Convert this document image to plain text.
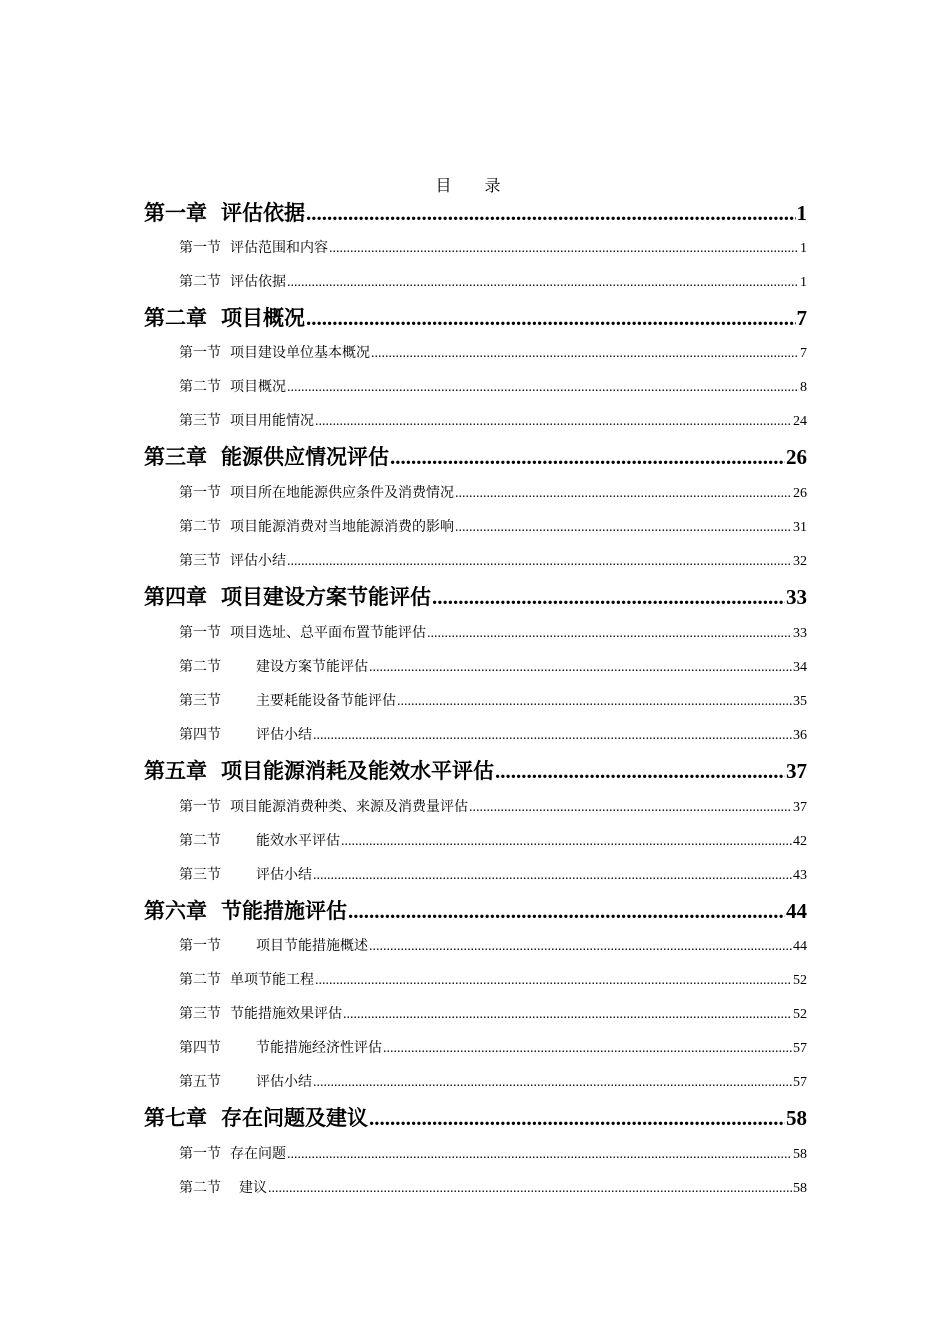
目 录
第一章 评估依据 .....	1
第一节 评估范围和内容 .....	1
第二节 评估依据 .....	1
第二章 项目概况 .....	7
第一节 项目建设单位基本概况 .....	7
第二节 项目概况 .....	8
第三节 项目用能情况 .....	24
第三章 能源供应情况评估 .....	26
第一节 项目所在地能源供应条件及消费情况 .....	26
第二节 项目能源消费对当地能源消费的影响 .....	31
第三节 评估小结 .....	32
第四章 项目建设方案节能评估 .....	33
第一节 项目选址、总平面布置节能评估 .....	33
第二节	建设方案节能评估 .....	34
第三节	主要耗能设备节能评估 .....	35
第四节	评估小结 .....	36
第五章 项目能源消耗及能效水平评估 .....	37
第一节 项目能源消费种类、来源及消费量评估 .....	37
第二节	能效水平评估 .....	42
第三节	评估小结 .....	43
第六章 节能措施评估 .....	44
第一节	项目节能措施概述 .....	44
第二节 单项节能工程 .....	52
第三节 节能措施效果评估 .....	52
第四节	节能措施经济性评估 .....	57
第五节	评估小结 .....	57
第七章 存在问题及建议 .....	58
第一节 存在问题 .....	58
第二节 建议 .....	58
